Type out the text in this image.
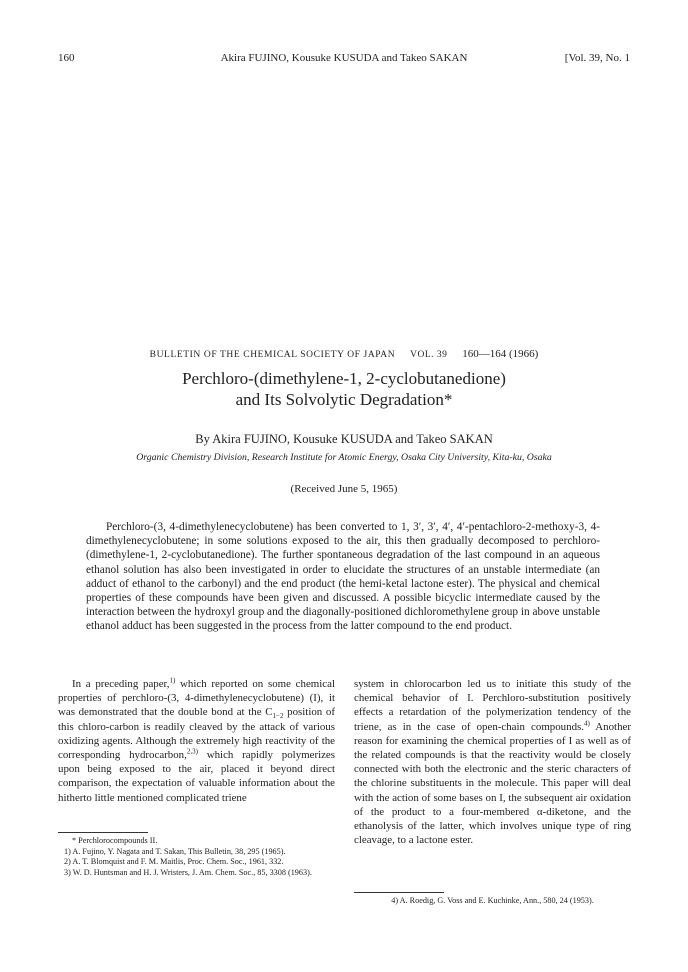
160	Akira FUJINO, Kousuke KUSUDA and Takeo SAKAN	[Vol. 39, No. 1
BULLETIN OF THE CHEMICAL SOCIETY OF JAPAN VOL. 39 160—164 (1966)
Perchloro-(dimethylene-1, 2-cyclobutanedione)
and Its Solvolytic Degradation*
By Akira FUJINO, Kousuke KUSUDA and Takeo SAKAN
Organic Chemistry Division, Research Institute for Atomic Energy, Osaka City University, Kita-ku, Osaka
(Received June 5, 1965)

Perchloro-(3, 4-dimethylenecyclobutene) has been converted to 1, 3′, 3′, 4′, 4′-pentachloro-2-methoxy-3, 4-dimethylenecyclobutene; in some solutions exposed to the air, this then gradually decomposed to perchloro-(dimethylene-1, 2-cyclobutanedione). The further spontaneous degradation of the last compound in an aqueous ethanol solution has also been investigated in order to elucidate the structures of an unstable intermediate (an adduct of ethanol to the carbonyl) and the end product (the hemi-ketal lactone ester). The physical and chemical properties of these compounds have been given and discussed. A possible bicyclic intermediate caused by the interaction between the hydroxyl group and the diagonally-positioned dichloromethylene group in above unstable ethanol adduct has been suggested in the process from the latter compound to the end product.

In a preceding paper,$^{1)}$ which reported on some chemical properties of perchloro-(3, 4-dimethylenecyclobutene) (I), it was demonstrated that the double bond at the $C_{1-2}$ position of this chloro-carbon is readily cleaved by the attack of various oxidizing agents. Although the extremely high reactivity of the corresponding hydrocarbon,$^{2,3)}$ which rapidly polymerizes upon being exposed to the air, placed it beyond direct comparison, the expectation of valuable information about the hitherto little mentioned complicated triene

system in chlorocarbon led us to initiate this study of the chemical behavior of I. Perchloro-substitution positively effects a retardation of the polymerization tendency of the triene, as in the case of open-chain compounds.$^{4)}$ Another reason for examining the chemical properties of I as well as of the related compounds is that the reactivity would be closely connected with both the electronic and the steric characters of the chlorine substituents in the molecule. This paper will deal with the action of some bases on I, the subsequent air oxidation of the product to a four-membered α-diketone, and the ethanolysis of the latter, which involves unique type of ring cleavage, to a lactone ester.

* Perchlorocompounds II.
1) A. Fujino, Y. Nagata and T. Sakan, This Bulletin, 38, 295 (1965).
2) A. T. Blomquist and F. M. Maitlis, Proc. Chem. Soc., 1961, 332.
3) W. D. Huntsman and H. J. Wristers, J. Am. Chem. Soc., 85, 3308 (1963).
4) A. Roedig, G. Voss and E. Kuchinke, Ann., 580, 24 (1953).
